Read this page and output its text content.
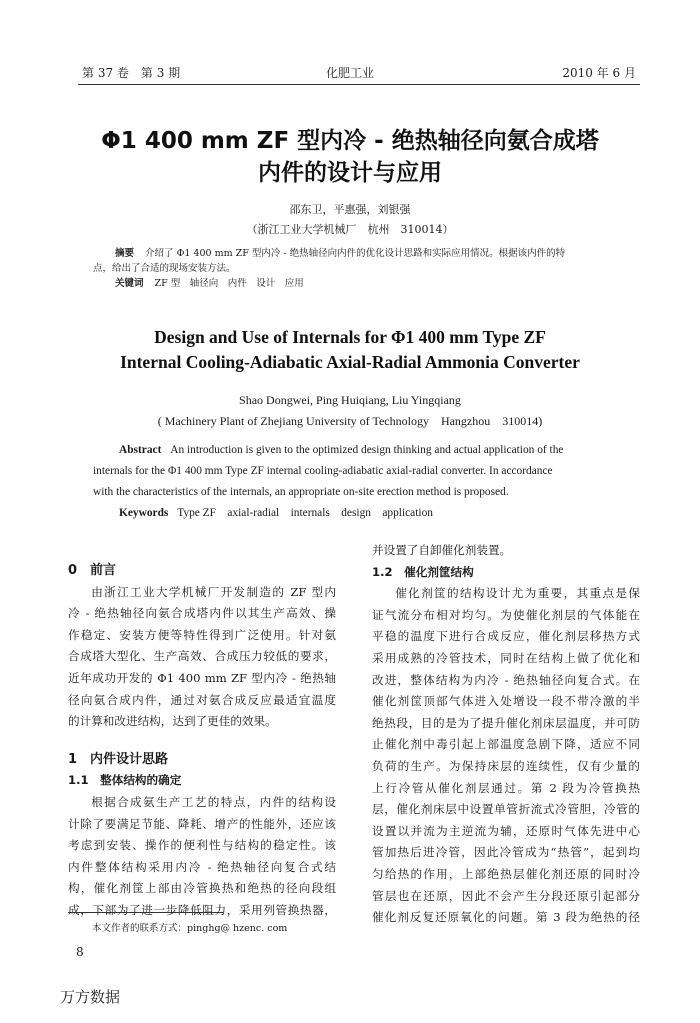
第 37 卷　第 3 期	化肥工业	2010 年 6 月
Φ1 400 mm ZF 型内冷 - 绝热轴径向氨合成塔
内件的设计与应用
邵东卫，平惠强，刘银强
（浙江工业大学机械厂　杭州　310014）
摘要 介绍了 Φ1 400 mm ZF 型内冷 - 绝热轴径向内件的优化设计思路和实际应用情况。根据该内件的特
点，给出了合适的现场安装方法。
关键词 ZF 型　轴径向　内件　设计　应用
Design and Use of Internals for Φ1 400 mm Type ZF
Internal Cooling-Adiabatic Axial-Radial Ammonia Converter
Shao Dongwei, Ping Huiqiang, Liu Yingqiang
( Machinery Plant of Zhejiang University of Technology　Hangzhou　310014)
Abstract An introduction is given to the optimized design thinking and actual application of the
internals for the Φ1 400 mm Type ZF internal cooling-adiabatic axial-radial converter. In accordance
with the characteristics of the internals, an appropriate on-site erection method is proposed.
Keywords Type ZF　axial-radial　internals　design　application
0　前言
由浙江工业大学机械厂开发制造的 ZF 型内
冷 - 绝热轴径向氨合成塔内件以其生产高效、操
作稳定、安装方便等特性得到广泛使用。针对氨
合成塔大型化、生产高效、合成压力较低的要求，
近年成功开发的 Φ1 400 mm ZF 型内冷 - 绝热轴
径向氨合成内件，通过对氨合成反应最适宜温度
的计算和改进结构，达到了更佳的效果。
1　内件设计思路
1.1　整体结构的确定
根据合成氨生产工艺的特点，内件的结构设
计除了要满足节能、降耗、增产的性能外，还应该
考虑到安装、操作的便利性与结构的稳定性。该
内件整体结构采用内冷 - 绝热轴径向复合式结
构，催化剂筐上部由冷管换热和绝热的径向段组
成，下部为了进一步降低阻力，采用列管换热器，
并设置了自卸催化剂装置。
1.2　催化剂筐结构
催化剂筐的结构设计尤为重要，其重点是保
证气流分布相对均匀。为使催化剂层的气体能在
平稳的温度下进行合成反应，催化剂层移热方式
采用成熟的冷管技术，同时在结构上做了优化和
改进，整体结构为内冷 - 绝热轴径向复合式。在
催化剂筐顶部气体进入处增设一段不带冷激的半
绝热段，目的是为了提升催化剂床层温度，并可防
止催化剂中毒引起上部温度急剧下降，适应不同
负荷的生产。为保持床层的连续性，仅有少量的
上行冷管从催化剂层通过。第 2 段为冷管换热
层，催化剂床层中设置单管折流式冷管胆，冷管的
设置以并流为主逆流为辅，还原时气体先进中心
管加热后进冷管，因此冷管成为“热管”，起到均
匀给热的作用，上部绝热层催化剂还原的同时冷
管层也在还原，因此不会产生分段还原引起部分
催化剂反复还原氧化的问题。第 3 段为绝热的径
本文作者的联系方式：pinghg@ hzenc. com
8
万方数据
